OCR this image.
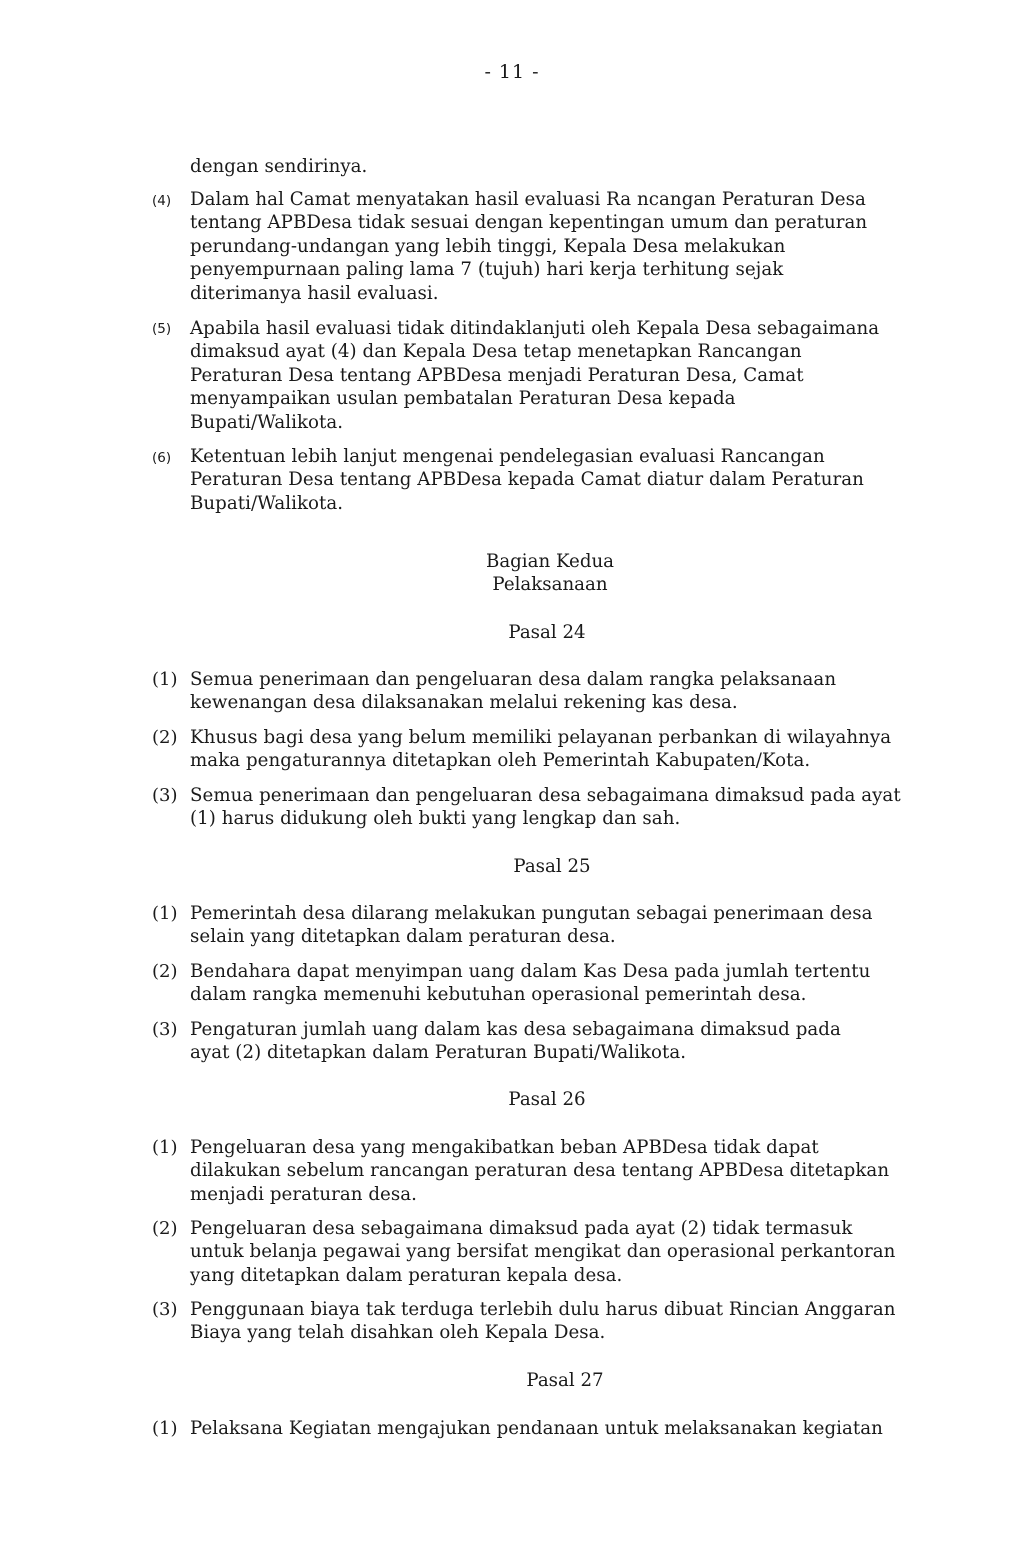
- 11 -
dengan sendirinya.
(4)	Dalam hal Camat menyatakan hasil evaluasi Ra ncangan Peraturan Desa
tentang APBDesa tidak sesuai dengan kepentingan umum dan peraturan
perundang-undangan yang lebih tinggi, Kepala Desa melakukan
penyempurnaan paling lama 7 (tujuh) hari kerja terhitung sejak
diterimanya hasil evaluasi.
(5)	Apabila hasil evaluasi tidak ditindaklanjuti oleh Kepala Desa sebagaimana
dimaksud ayat (4) dan Kepala Desa tetap menetapkan Rancangan
Peraturan Desa tentang APBDesa menjadi Peraturan Desa, Camat
menyampaikan usulan pembatalan Peraturan Desa kepada
Bupati/Walikota.
(6)	Ketentuan lebih lanjut mengenai pendelegasian evaluasi Rancangan
Peraturan Desa tentang APBDesa kepada Camat diatur dalam Peraturan
Bupati/Walikota.
Bagian Kedua
Pelaksanaan
Pasal 24
(1) Semua penerimaan dan pengeluaran desa dalam rangka pelaksanaan
kewenangan desa dilaksanakan melalui rekening kas desa.
(2) Khusus bagi desa yang belum memiliki pelayanan perbankan di wilayahnya
maka pengaturannya ditetapkan oleh Pemerintah Kabupaten/Kota.
(3) Semua penerimaan dan pengeluaran desa sebagaimana dimaksud pada ayat
(1) harus didukung oleh bukti yang lengkap dan sah.
Pasal 25
(1) Pemerintah desa dilarang melakukan pungutan sebagai penerimaan desa
selain yang ditetapkan dalam peraturan desa.
(2) Bendahara dapat menyimpan uang dalam Kas Desa pada jumlah tertentu
dalam rangka memenuhi kebutuhan operasional pemerintah desa.
(3) Pengaturan jumlah uang dalam kas desa sebagaimana dimaksud pada
ayat (2) ditetapkan dalam Peraturan Bupati/Walikota.
Pasal 26
(1) Pengeluaran desa yang mengakibatkan beban APBDesa tidak dapat
dilakukan sebelum rancangan peraturan desa tentang APBDesa ditetapkan
menjadi peraturan desa.
(2) Pengeluaran desa sebagaimana dimaksud pada ayat (2) tidak termasuk
untuk belanja pegawai yang bersifat mengikat dan operasional perkantoran
yang ditetapkan dalam peraturan kepala desa.
(3) Penggunaan biaya tak terduga terlebih dulu harus dibuat Rincian Anggaran
Biaya yang telah disahkan oleh Kepala Desa.
Pasal 27
(1) Pelaksana Kegiatan mengajukan pendanaan untuk melaksanakan kegiatan
